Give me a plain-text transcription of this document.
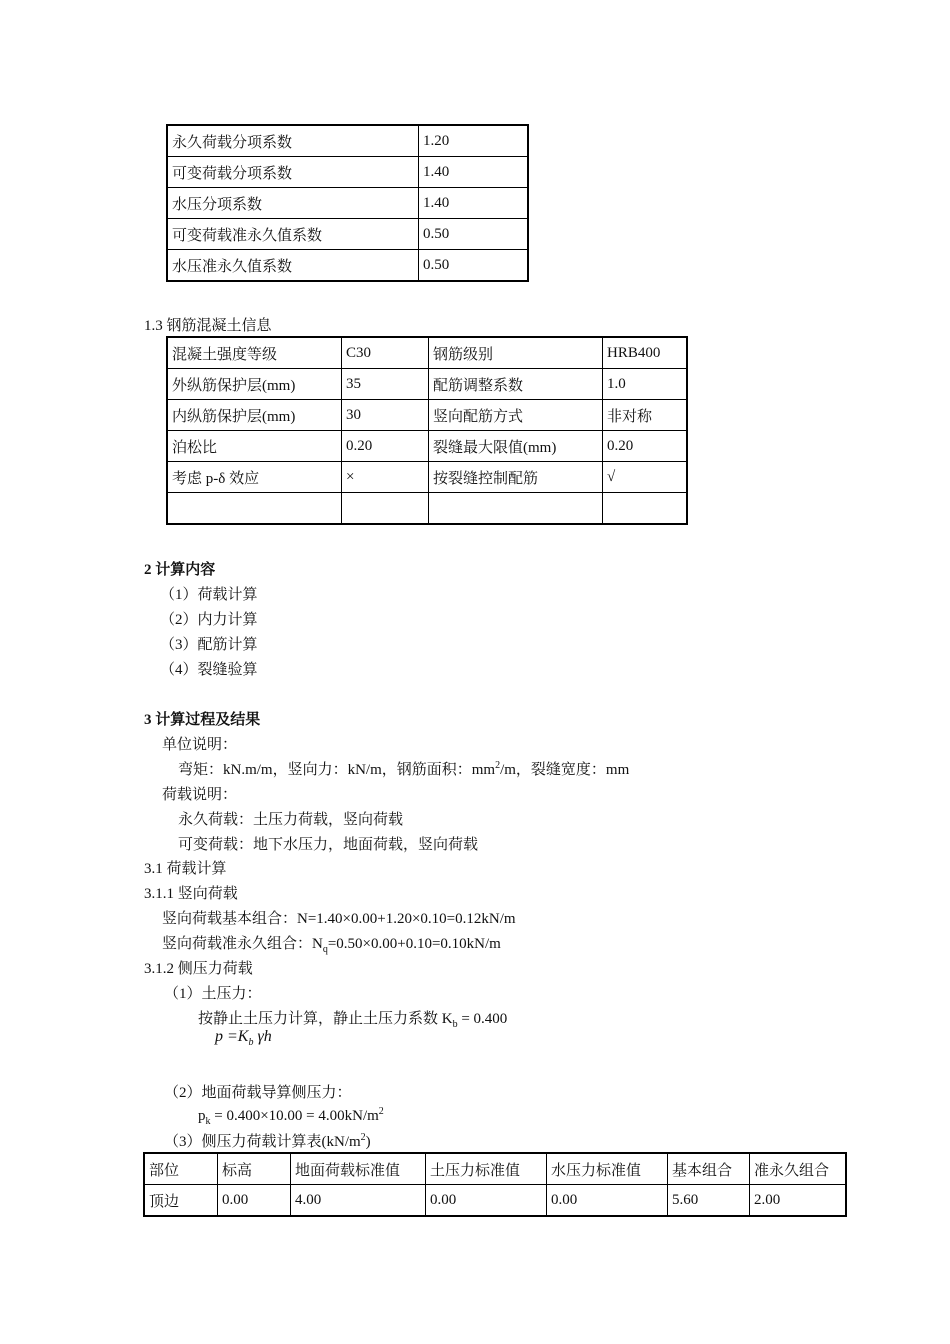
永久荷载分项系数	1.20
可变荷载分项系数	1.40
水压分项系数	1.40
可变荷载准永久值系数	0.50
水压准永久值系数	0.50
1.3 钢筋混凝土信息
混凝土强度等级	C30	钢筋级别	HRB400
外纵筋保护层(mm)	35	配筋调整系数	1.0
内纵筋保护层(mm)	30	竖向配筋方式	非对称
泊松比	0.20	裂缝最大限值(mm)	0.20
考虑 p-δ 效应	×	按裂缝控制配筋	√

2 计算内容
（1）荷载计算
（2）内力计算
（3）配筋计算
（4）裂缝验算
3 计算过程及结果
单位说明：
弯矩：kN.m/m，竖向力：kN/m，钢筋面积：$mm^2/m$，裂缝宽度：mm
荷载说明：
永久荷载：土压力荷载，竖向荷载
可变荷载：地下水压力，地面荷载，竖向荷载
3.1 荷载计算
3.1.1 竖向荷载
竖向荷载基本组合：N=1.40×0.00+1.20×0.10=0.12kN/m
竖向荷载准永久组合：$N_q=0.50\times 0.00+0.10=0.10kN/m$
3.1.2 侧压力荷载
（1）土压力：
按静止土压力计算，静止土压力系数 $K_b = 0.400$
$p =K_b$ γh
（2）地面荷载导算侧压力：
$p_k = 0.400\times 10.00 = 4.00kN/m^2$
（3）侧压力荷载计算表$(kN/m^2)$
部位	标高	地面荷载标准值	土压力标准值	水压力标准值	基本组合	准永久组合
顶边	0.00	4.00	0.00	0.00	5.60	2.00
